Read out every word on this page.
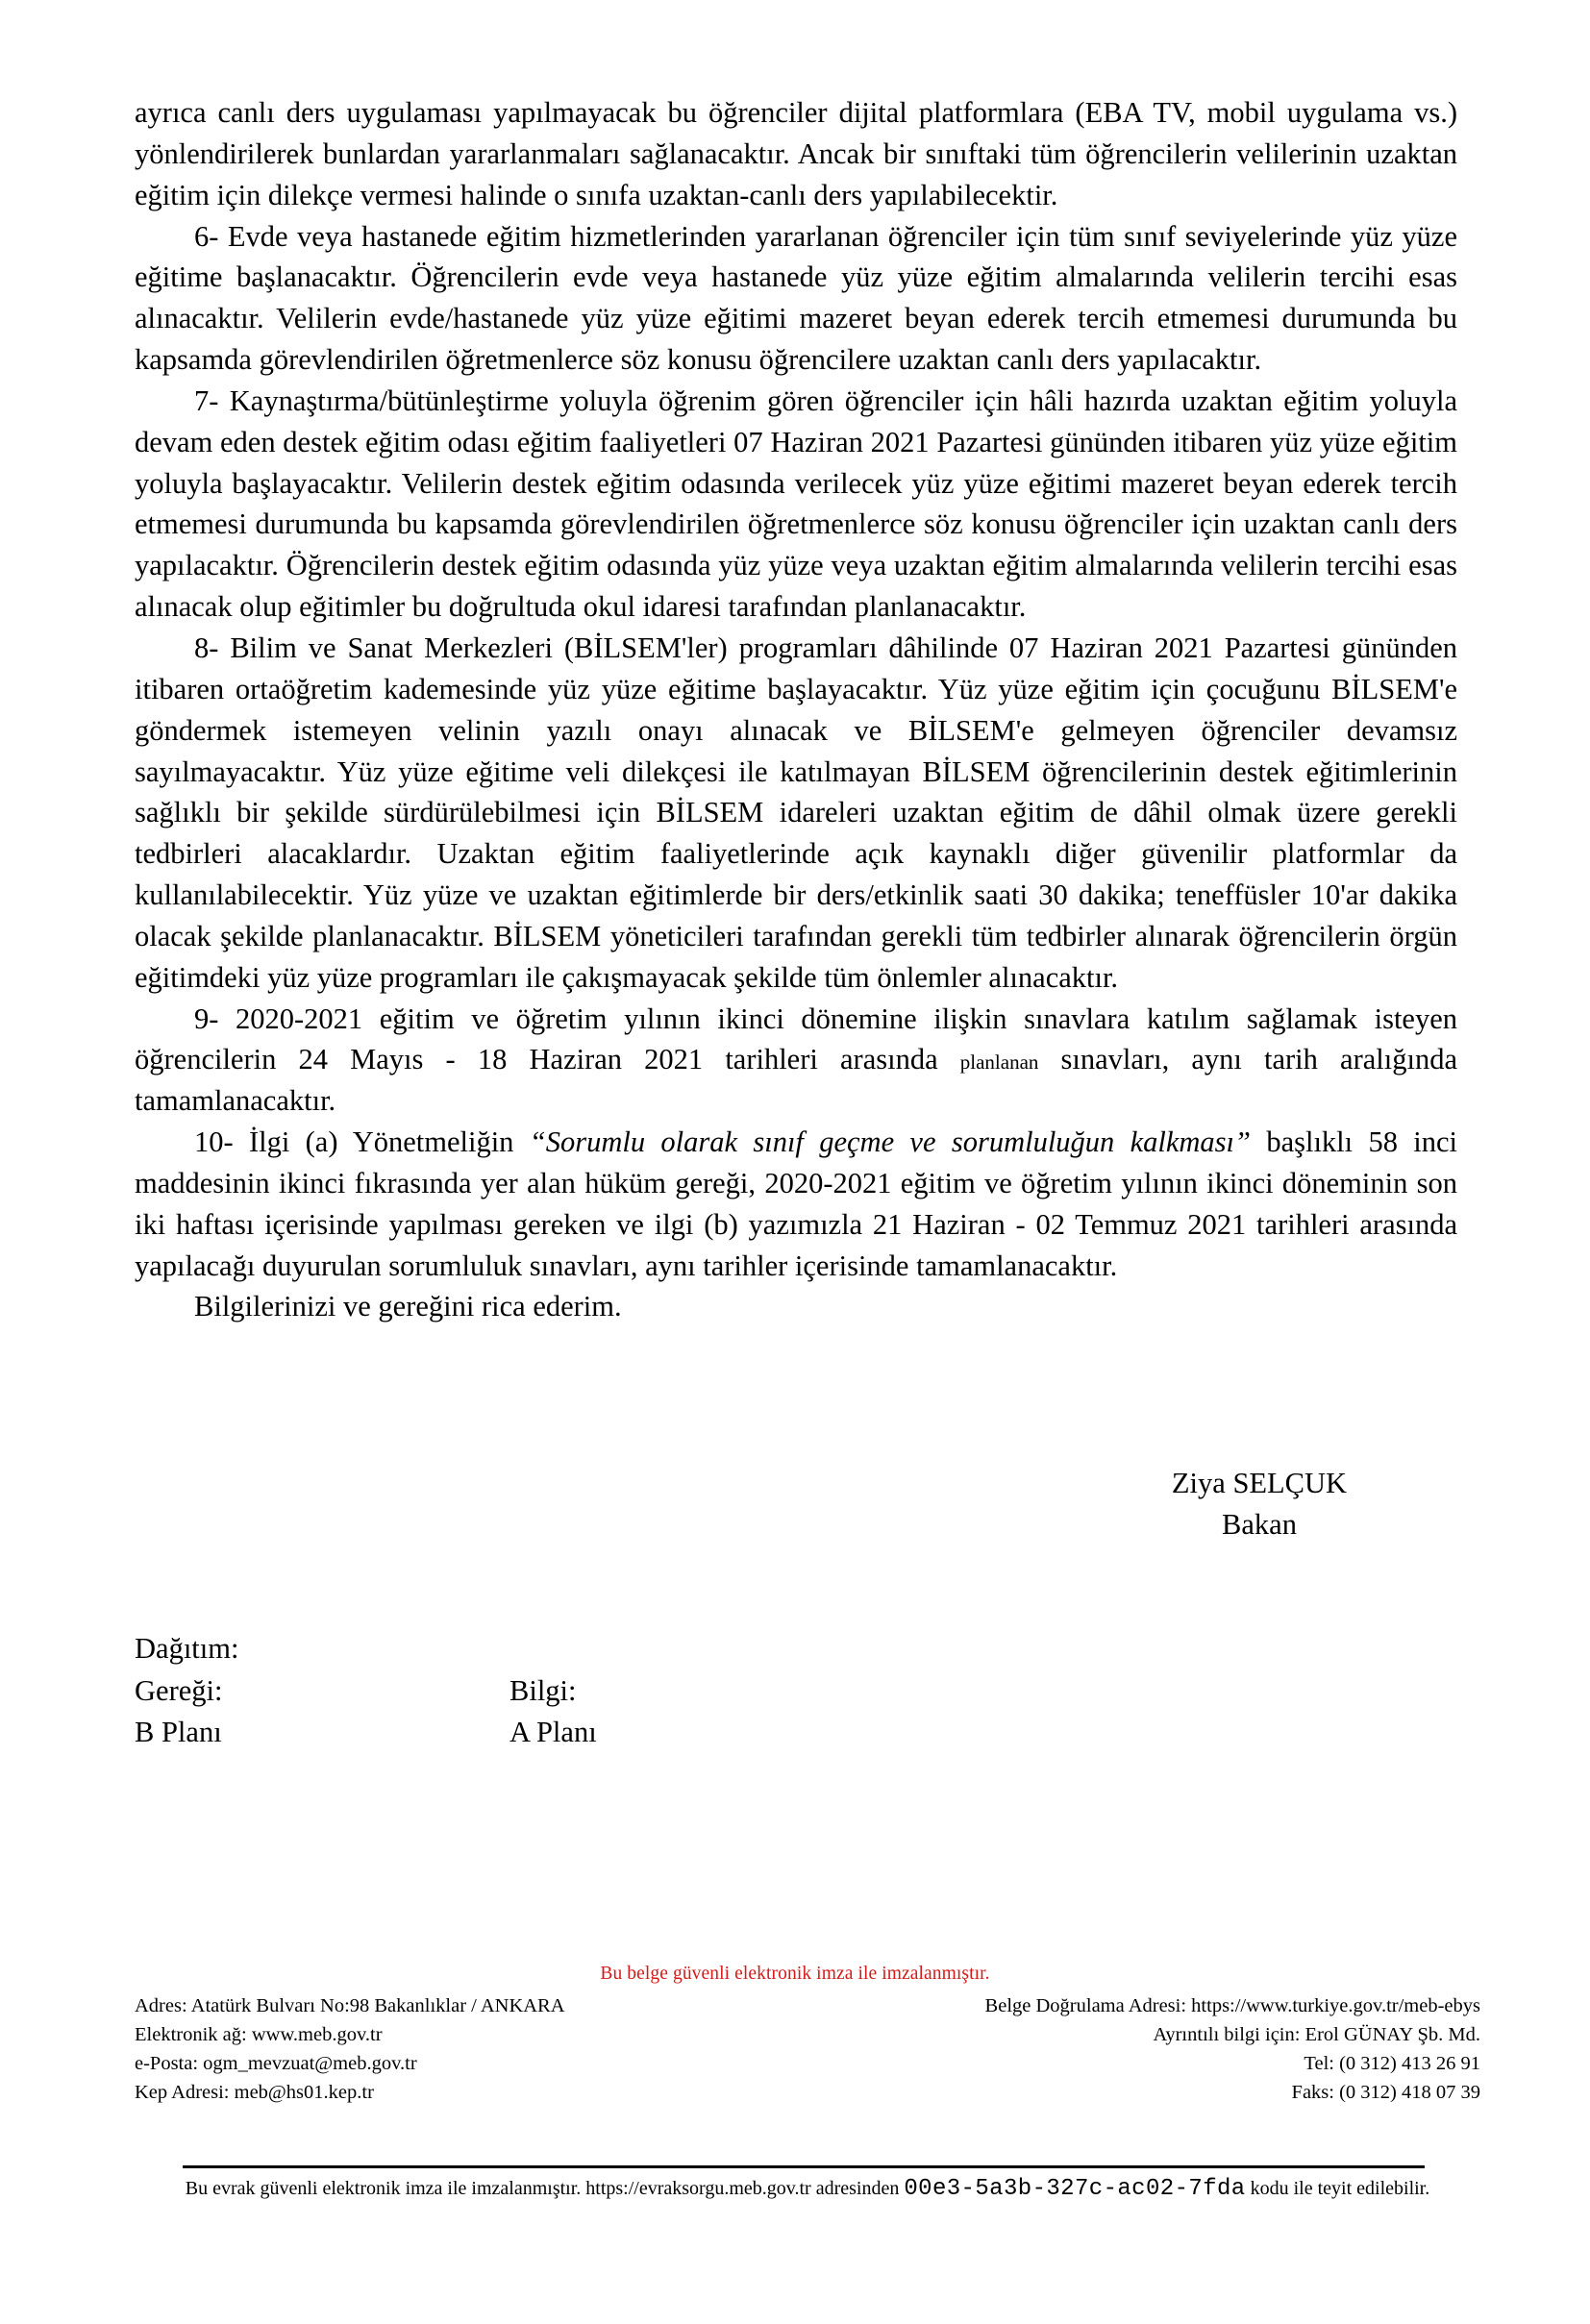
ayrıca canlı ders uygulaması yapılmayacak bu öğrenciler dijital platformlara (EBA TV, mobil uygulama vs.) yönlendirilerek bunlardan yararlanmaları sağlanacaktır. Ancak bir sınıftaki tüm öğrencilerin velilerinin uzaktan eğitim için dilekçe vermesi halinde o sınıfa uzaktan-canlı ders yapılabilecektir.

6- Evde veya hastanede eğitim hizmetlerinden yararlanan öğrenciler için tüm sınıf seviyelerinde yüz yüze eğitime başlanacaktır. Öğrencilerin evde veya hastanede yüz yüze eğitim almalarında velilerin tercihi esas alınacaktır. Velilerin evde/hastanede yüz yüze eğitimi mazeret beyan ederek tercih etmemesi durumunda bu kapsamda görevlendirilen öğretmenlerce söz konusu öğrencilere uzaktan canlı ders yapılacaktır.

7- Kaynaştırma/bütünleştirme yoluyla öğrenim gören öğrenciler için hâli hazırda uzaktan eğitim yoluyla devam eden destek eğitim odası eğitim faaliyetleri 07 Haziran 2021 Pazartesi gününden itibaren yüz yüze eğitim yoluyla başlayacaktır. Velilerin destek eğitim odasında verilecek yüz yüze eğitimi mazeret beyan ederek tercih etmemesi durumunda bu kapsamda görevlendirilen öğretmenlerce söz konusu öğrenciler için uzaktan canlı ders yapılacaktır. Öğrencilerin destek eğitim odasında yüz yüze veya uzaktan eğitim almalarında velilerin tercihi esas alınacak olup eğitimler bu doğrultuda okul idaresi tarafından planlanacaktır.

8- Bilim ve Sanat Merkezleri (BİLSEM'ler) programları dâhilinde 07 Haziran 2021 Pazartesi gününden itibaren ortaöğretim kademesinde yüz yüze eğitime başlayacaktır. Yüz yüze eğitim için çocuğunu BİLSEM'e göndermek istemeyen velinin yazılı onayı alınacak ve BİLSEM'e gelmeyen öğrenciler devamsız sayılmayacaktır. Yüz yüze eğitime veli dilekçesi ile katılmayan BİLSEM öğrencilerinin destek eğitimlerinin sağlıklı bir şekilde sürdürülebilmesi için BİLSEM idareleri uzaktan eğitim de dâhil olmak üzere gerekli tedbirleri alacaklardır. Uzaktan eğitim faaliyetlerinde açık kaynaklı diğer güvenilir platformlar da kullanılabilecektir. Yüz yüze ve uzaktan eğitimlerde bir ders/etkinlik saati 30 dakika; teneffüsler 10'ar dakika olacak şekilde planlanacaktır. BİLSEM yöneticileri tarafından gerekli tüm tedbirler alınarak öğrencilerin örgün eğitimdeki yüz yüze programları ile çakışmayacak şekilde tüm önlemler alınacaktır.

9- 2020-2021 eğitim ve öğretim yılının ikinci dönemine ilişkin sınavlara katılım sağlamak isteyen öğrencilerin 24 Mayıs - 18 Haziran 2021 tarihleri arasında planlanan sınavları, aynı tarih aralığında tamamlanacaktır.

10- İlgi (a) Yönetmeliğin “Sorumlu olarak sınıf geçme ve sorumluluğun kalkması” başlıklı 58 inci maddesinin ikinci fıkrasında yer alan hüküm gereği, 2020-2021 eğitim ve öğretim yılının ikinci döneminin son iki haftası içerisinde yapılması gereken ve ilgi (b) yazımızla 21 Haziran - 02 Temmuz 2021 tarihleri arasında yapılacağı duyurulan sorumluluk sınavları, aynı tarihler içerisinde tamamlanacaktır.

Bilgilerinizi ve gereğini rica ederim.

Ziya SELÇUK
Bakan
Dağıtım:
Gereği:	Bilgi:
B Planı	A Planı
Bu belge güvenli elektronik imza ile imzalanmıştır.
Adres: Atatürk Bulvarı No:98 Bakanlıklar / ANKARA
Elektronik ağ: www.meb.gov.tr
e-Posta: ogm_mevzuat@meb.gov.tr
Kep Adresi: meb@hs01.kep.tr
Belge Doğrulama Adresi: https://www.turkiye.gov.tr/meb-ebys
Ayrıntılı bilgi için: Erol GÜNAY Şb. Md.
Tel: (0 312) 413 26 91
Faks: (0 312) 418 07 39
Bu evrak güvenli elektronik imza ile imzalanmıştır. https://evraksorgu.meb.gov.tr adresinden 00e3-5a3b-327c-ac02-7fda kodu ile teyit edilebilir.
